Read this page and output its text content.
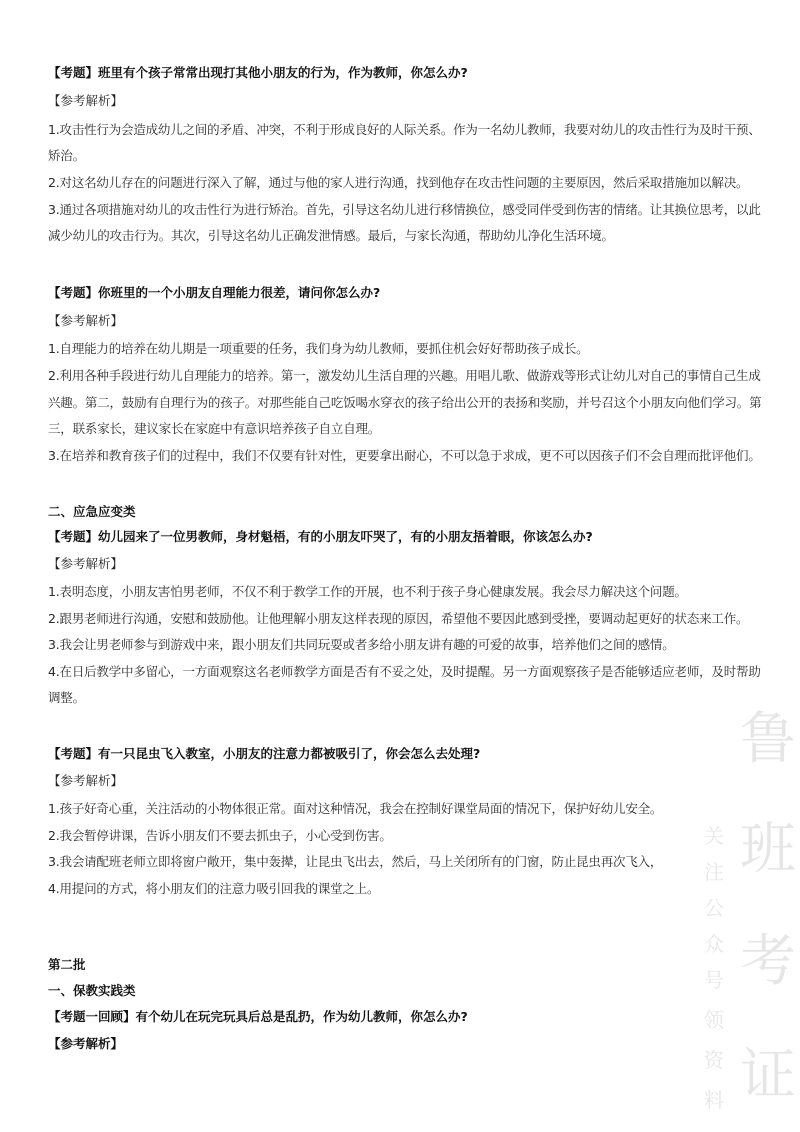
【考题】班里有个孩子常常出现打其他小朋友的行为，作为教师，你怎么办?
【参考解析】
1.攻击性行为会造成幼儿之间的矛盾、冲突，不利于形成良好的人际关系。作为一名幼儿教师，我要对幼儿的攻击性行为及时干预、
矫治。
2.对这名幼儿存在的问题进行深入了解，通过与他的家人进行沟通，找到他存在攻击性问题的主要原因，然后采取措施加以解决。
3.通过各项措施对幼儿的攻击性行为进行矫治。首先，引导这名幼儿进行移情换位，感受同伴受到伤害的情绪。让其换位思考，以此
减少幼儿的攻击行为。其次，引导这名幼儿正确发泄情感。最后，与家长沟通，帮助幼儿净化生活环境。
【考题】你班里的一个小朋友自理能力很差，请问你怎么办?
【参考解析】
1.自理能力的培养在幼儿期是一项重要的任务，我们身为幼儿教师，要抓住机会好好帮助孩子成长。
2.利用各种手段进行幼儿自理能力的培养。第一，激发幼儿生活自理的兴趣。用唱儿歌、做游戏等形式让幼儿对自己的事情自己生成
兴趣。第二，鼓励有自理行为的孩子。对那些能自己吃饭喝水穿衣的孩子给出公开的表扬和奖励，并号召这个小朋友向他们学习。第
三，联系家长，建议家长在家庭中有意识培养孩子自立自理。
3.在培养和教育孩子们的过程中，我们不仅要有针对性，更要拿出耐心，不可以急于求成，更不可以因孩子们不会自理而批评他们。
二、应急应变类
【考题】幼儿园来了一位男教师，身材魁梧，有的小朋友吓哭了，有的小朋友捂着眼，你该怎么办?
【参考解析】
1.表明态度，小朋友害怕男老师，不仅不利于教学工作的开展，也不利于孩子身心健康发展。我会尽力解决这个问题。
2.跟男老师进行沟通，安慰和鼓励他。让他理解小朋友这样表现的原因，希望他不要因此感到受挫，要调动起更好的状态来工作。
3.我会让男老师参与到游戏中来，跟小朋友们共同玩耍或者多给小朋友讲有趣的可爱的故事，培养他们之间的感情。
4.在日后教学中多留心，一方面观察这名老师教学方面是否有不妥之处，及时提醒。另一方面观察孩子是否能够适应老师，及时帮助
调整。
【考题】有一只昆虫飞入教室，小朋友的注意力都被吸引了，你会怎么去处理?
【参考解析】
1.孩子好奇心重，关注活动的小物体很正常。面对这种情况，我会在控制好课堂局面的情况下，保护好幼儿安全。
2.我会暂停讲课，告诉小朋友们不要去抓虫子，小心受到伤害。
3.我会请配班老师立即将窗户敞开，集中轰撵，让昆虫飞出去，然后，马上关闭所有的门窗，防止昆虫再次飞入，
4.用提问的方式，将小朋友们的注意力吸引回我的课堂之上。
第二批
一、保教实践类
【考题一回顾】有个幼儿在玩完玩具后总是乱扔，作为幼儿教师，你怎么办?
【参考解析】
鲁
班
考
证
关
注
公
众
号
领
资
料
